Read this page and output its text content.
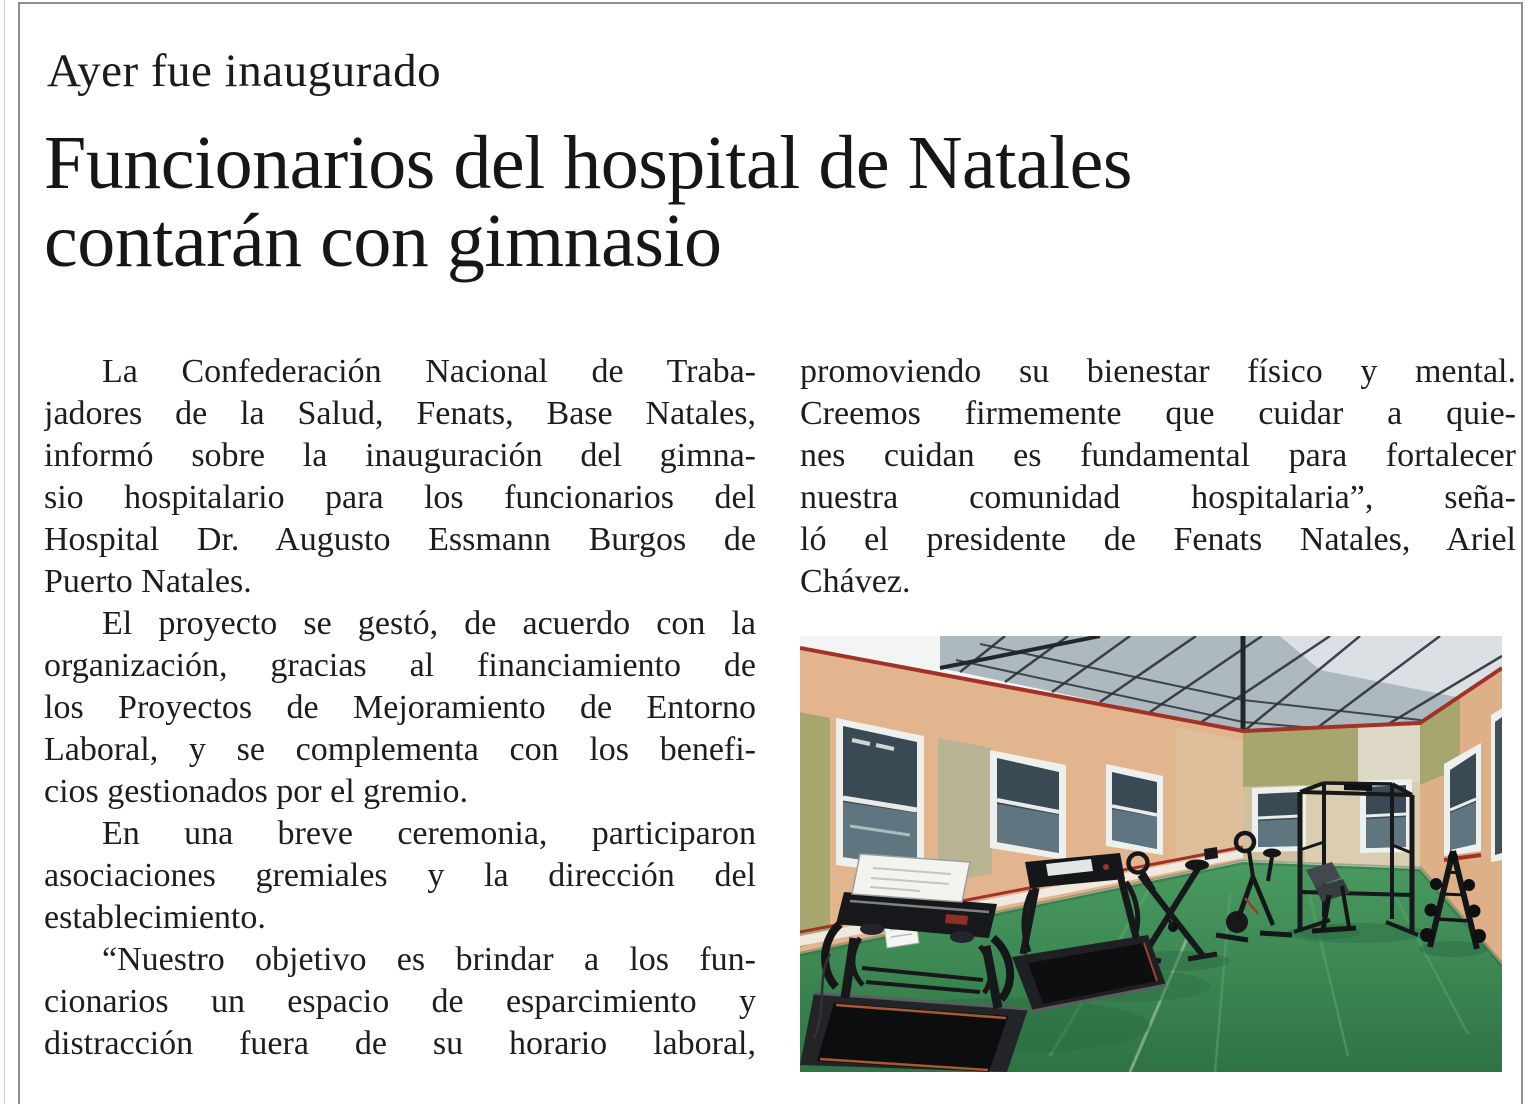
Ayer fue inaugurado
Funcionarios del hospital de Natales contarán con gimnasio
La Confederación Nacional de Traba-
jadores de la Salud, Fenats, Base Natales,
informó sobre la inauguración del gimna-
sio hospitalario para los funcionarios del
Hospital Dr. Augusto Essmann Burgos de
Puerto Natales.
El proyecto se gestó, de acuerdo con la
organización, gracias al financiamiento de
los Proyectos de Mejoramiento de Entorno
Laboral, y se complementa con los benefi-
cios gestionados por el gremio.
En una breve ceremonia, participaron
asociaciones gremiales y la dirección del
establecimiento.
“Nuestro objetivo es brindar a los fun-
cionarios un espacio de esparcimiento y
distracción fuera de su horario laboral,
promoviendo su bienestar físico y mental.
Creemos firmemente que cuidar a quie-
nes cuidan es fundamental para fortalecer
nuestra comunidad hospitalaria”, seña-
ló el presidente de Fenats Natales, Ariel
Chávez.
